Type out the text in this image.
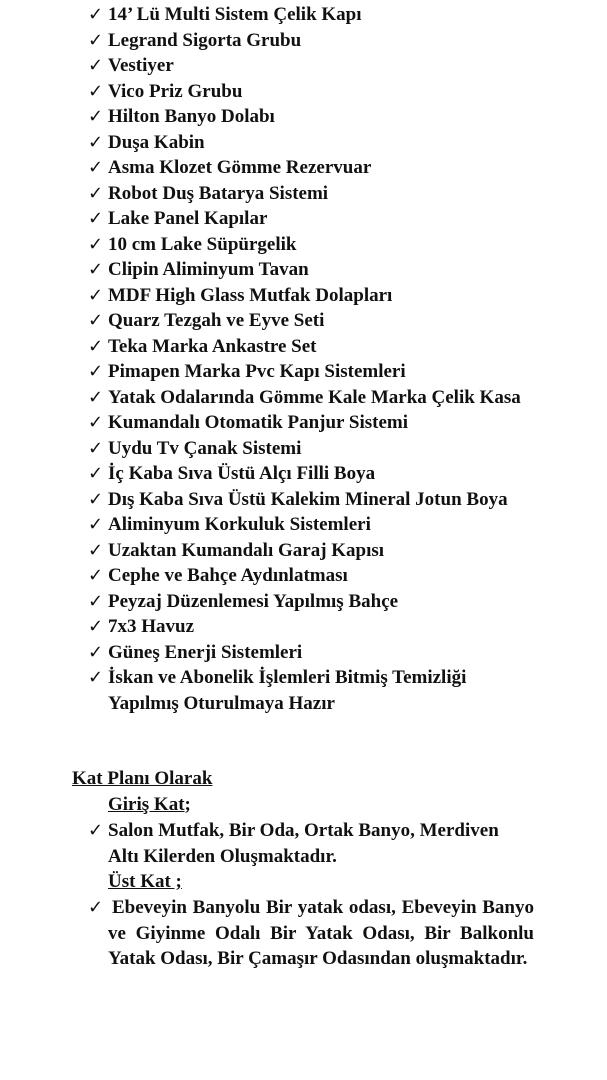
✓ 14’ Lü Multi Sistem Çelik Kapı
✓ Legrand Sigorta Grubu
✓ Vestiyer
✓ Vico Priz Grubu
✓ Hilton Banyo Dolabı
✓ Duşa Kabin
✓ Asma Klozet Gömme Rezervuar
✓ Robot Duş Batarya Sistemi
✓ Lake Panel Kapılar
✓ 10 cm Lake Süpürgelik
✓ Clipin Aliminyum Tavan
✓ MDF High Glass Mutfak Dolapları
✓ Quarz Tezgah ve Eyve Seti
✓ Teka Marka Ankastre Set
✓ Pimapen Marka Pvc Kapı Sistemleri
✓ Yatak Odalarında Gömme Kale Marka Çelik Kasa
✓ Kumandalı Otomatik Panjur Sistemi
✓ Uydu Tv Çanak Sistemi
✓ İç Kaba Sıva Üstü Alçı Filli Boya
✓ Dış Kaba Sıva Üstü Kalekim Mineral Jotun Boya
✓ Aliminyum Korkuluk Sistemleri
✓ Uzaktan Kumandalı Garaj Kapısı
✓ Cephe ve Bahçe Aydınlatması
✓ Peyzaj Düzenlemesi Yapılmış Bahçe
✓ 7x3 Havuz
✓ Güneş Enerji Sistemleri
✓ İskan ve Abonelik İşlemleri Bitmiş Temizliği Yapılmış Oturulmaya Hazır

Kat Planı Olarak

Giriş Kat;

✓ Salon Mutfak, Bir Oda, Ortak Banyo, Merdiven Altı Kilerden Oluşmaktadır.

Üst Kat ;

✓ Ebeveyin Banyolu Bir yatak odası, Ebeveyin Banyo ve Giyinme Odalı Bir Yatak Odası, Bir Balkonlu Yatak Odası, Bir Çamaşır Odasından oluşmaktadır.
